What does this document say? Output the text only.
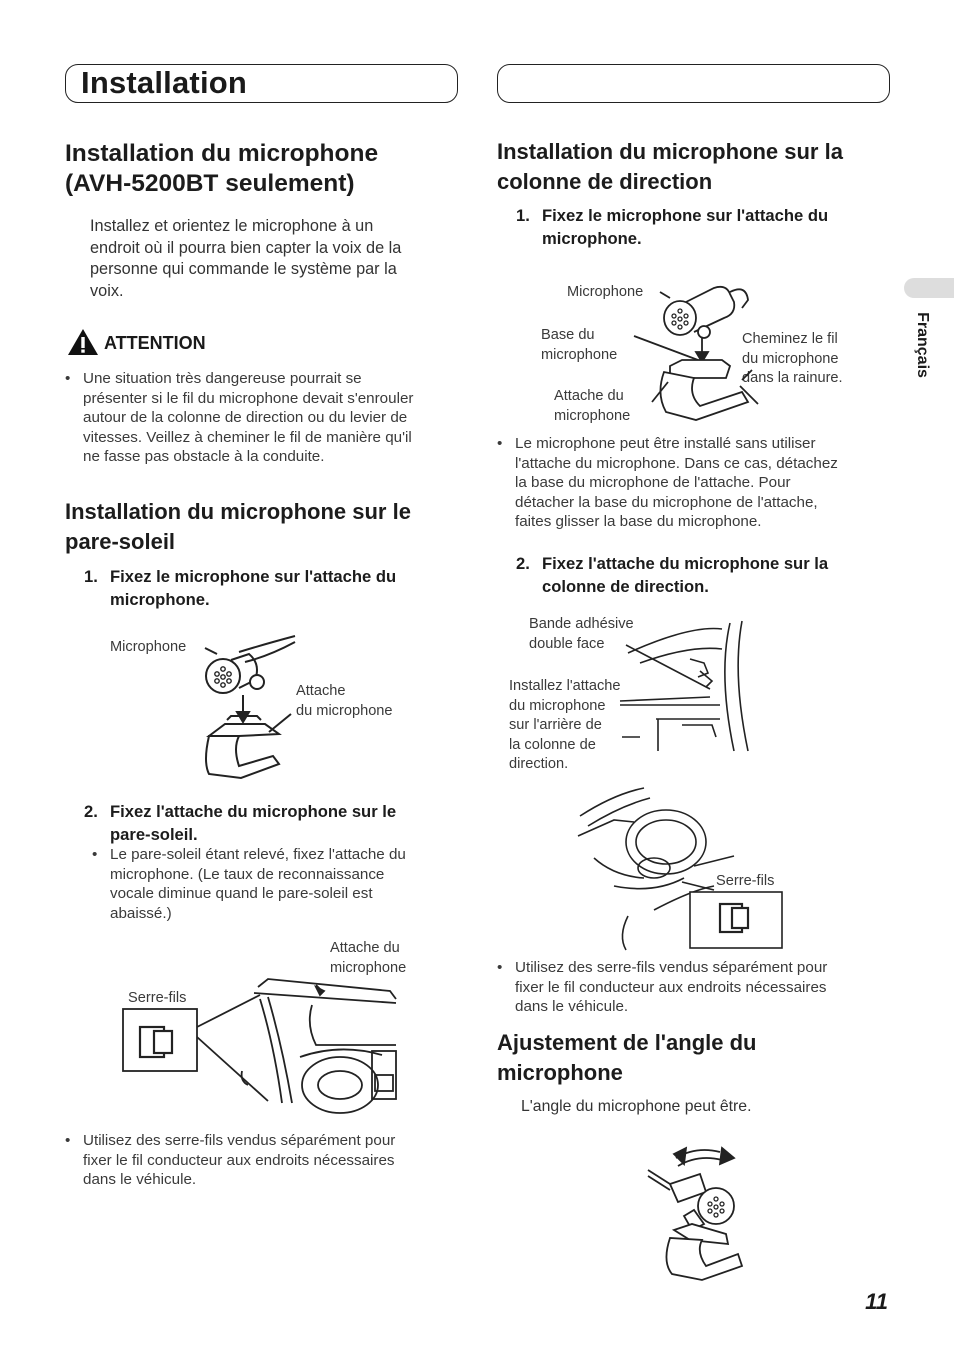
Installation
Français
Installation du microphone
(AVH-5200BT seulement)
Installez et orientez le microphone à un
endroit où il pourra bien capter la voix de la
personne qui commande le système par la
voix.
ATTENTION
• Une situation très dangereuse pourrait se
présenter si le fil du microphone devait s'enrouler
autour de la colonne de direction ou du levier de
vitesses. Veillez à cheminer le fil de manière qu'il
ne fasse pas obstacle à la conduite.
Installation du microphone sur le
pare-soleil
1. Fixez le microphone sur l'attache du
microphone.
Microphone
Attache
du microphone
2. Fixez l'attache du microphone sur le
pare-soleil.
• Le pare-soleil étant relevé, fixez l'attache du
microphone. (Le taux de reconnaissance
vocale diminue quand le pare-soleil est
abaissé.)
Attache du
microphone
Serre-fils
• Utilisez des serre-fils vendus séparément pour
fixer le fil conducteur aux endroits nécessaires
dans le véhicule.
Installation du microphone sur la
colonne de direction
1. Fixez le microphone sur l'attache du
microphone.
Microphone
Base du
microphone
Attache du
microphone
Cheminez le fil
du microphone
dans la rainure.
• Le microphone peut être installé sans utiliser
l'attache du microphone. Dans ce cas, détachez
la base du microphone de l'attache. Pour
détacher la base du microphone de l'attache,
faites glisser la base du microphone.
2. Fixez l'attache du microphone sur la
colonne de direction.
Bande adhésive
double face
Installez l'attache
du microphone
sur l'arrière de
la colonne de
direction.
Serre-fils
• Utilisez des serre-fils vendus séparément pour
fixer le fil conducteur aux endroits nécessaires
dans le véhicule.
Ajustement de l'angle du
microphone
L'angle du microphone peut être.
11
